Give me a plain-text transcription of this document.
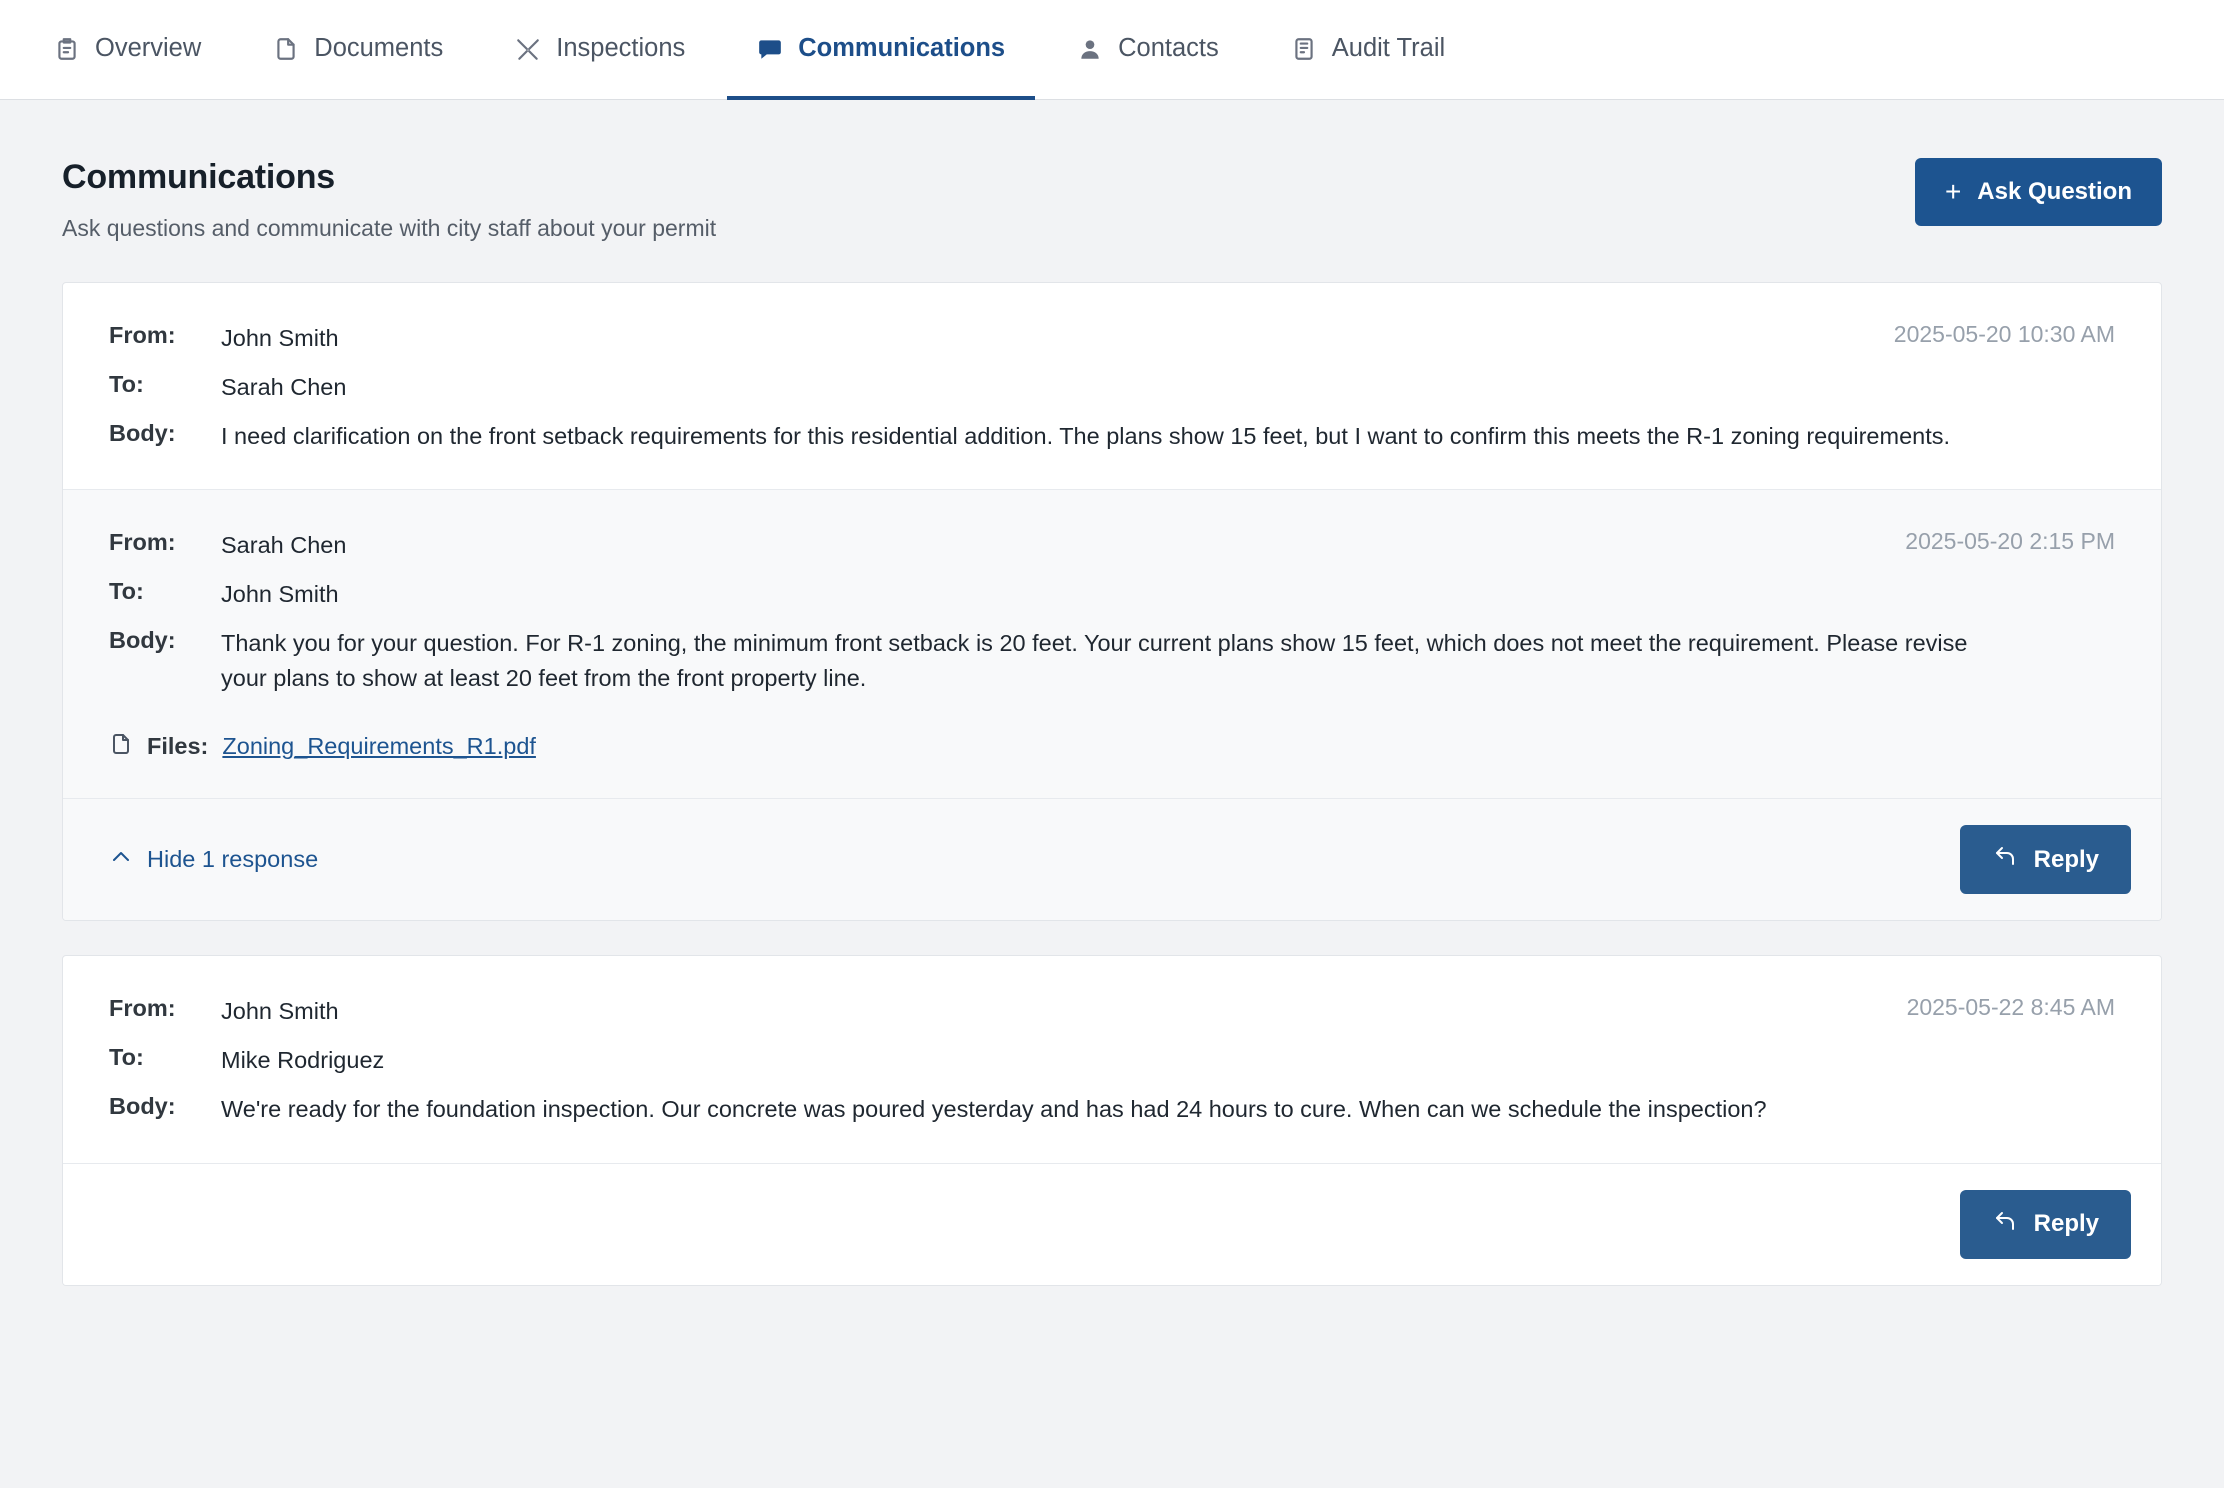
Overview	Documents	Inspections	Communications	Contacts	Audit Trail
Communications

Ask questions and communicate with city staff about your permit

+ Ask Question
2025-05-20 10:30 AM
From:	John Smith
To:	Sarah Chen
Body:	I need clarification on the front setback requirements for this residential addition. The plans show 15 feet, but I want to confirm this meets the R-1 zoning requirements.
2025-05-20 2:15 PM
From:	Sarah Chen
To:	John Smith
Body:	Thank you for your question. For R-1 zoning, the minimum front setback is 20 feet. Your current plans show 15 feet, which does not meet the requirement. Please revise your plans to show at least 20 feet from the front property line.
Files: Zoning_Requirements_R1.pdf
Hide 1 response	Reply
2025-05-22 8:45 AM
From:	John Smith
To:	Mike Rodriguez
Body:	We're ready for the foundation inspection. Our concrete was poured yesterday and has had 24 hours to cure. When can we schedule the inspection?
Reply
